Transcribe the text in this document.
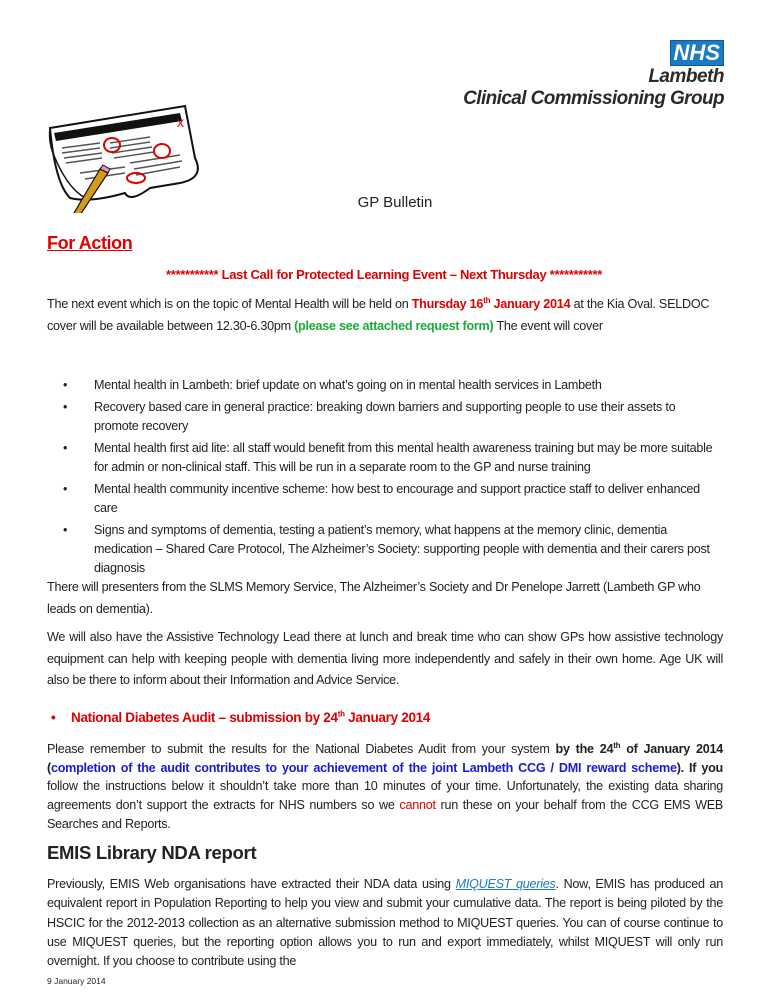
NHS
Lambeth
Clinical Commissioning Group
x
GP Bulletin
For Action
*********** Last Call for Protected Learning Event – Next Thursday ***********
The next event which is on the topic of Mental Health will be held on Thursday 16th January 2014 at the Kia Oval. SELDOC cover will be available between 12.30-6.30pm (please see attached request form) The event will cover
• Mental health in Lambeth: brief update on what’s going on in mental health services in Lambeth
• Recovery based care in general practice: breaking down barriers and supporting people to use their assets to promote recovery
• Mental health first aid lite: all staff would benefit from this mental health awareness training but may be more suitable for admin or non-clinical staff. This will be run in a separate room to the GP and nurse training
• Mental health community incentive scheme: how best to encourage and support practice staff to deliver enhanced care
• Signs and symptoms of dementia, testing a patient’s memory, what happens at the memory clinic, dementia medication – Shared Care Protocol, The Alzheimer’s Society: supporting people with dementia and their carers post diagnosis
There will presenters from the SLMS Memory Service, The Alzheimer’s Society and Dr Penelope Jarrett (Lambeth GP who leads on dementia).
We will also have the Assistive Technology Lead there at lunch and break time who can show GPs how assistive technology equipment can help with keeping people with dementia living more independently and safely in their own home. Age UK will also be there to inform about their Information and Advice Service.
• National Diabetes Audit – submission by 24th January 2014
Please remember to submit the results for the National Diabetes Audit from your system by the 24th of January 2014 (completion of the audit contributes to your achievement of the joint Lambeth CCG / DMI reward scheme). If you follow the instructions below it shouldn’t take more than 10 minutes of your time. Unfortunately, the existing data sharing agreements don’t support the extracts for NHS numbers so we cannot run these on your behalf from the CCG EMS WEB Searches and Reports.
EMIS Library NDA report
Previously, EMIS Web organisations have extracted their NDA data using MIQUEST queries. Now, EMIS has produced an equivalent report in Population Reporting to help you view and submit your cumulative data. The report is being piloted by the HSCIC for the 2012-2013 collection as an alternative submission method to MIQUEST queries. You can of course continue to use MIQUEST queries, but the reporting option allows you to run and export immediately, whilst MIQUEST will only run overnight. If you choose to contribute using the
9 January 2014
